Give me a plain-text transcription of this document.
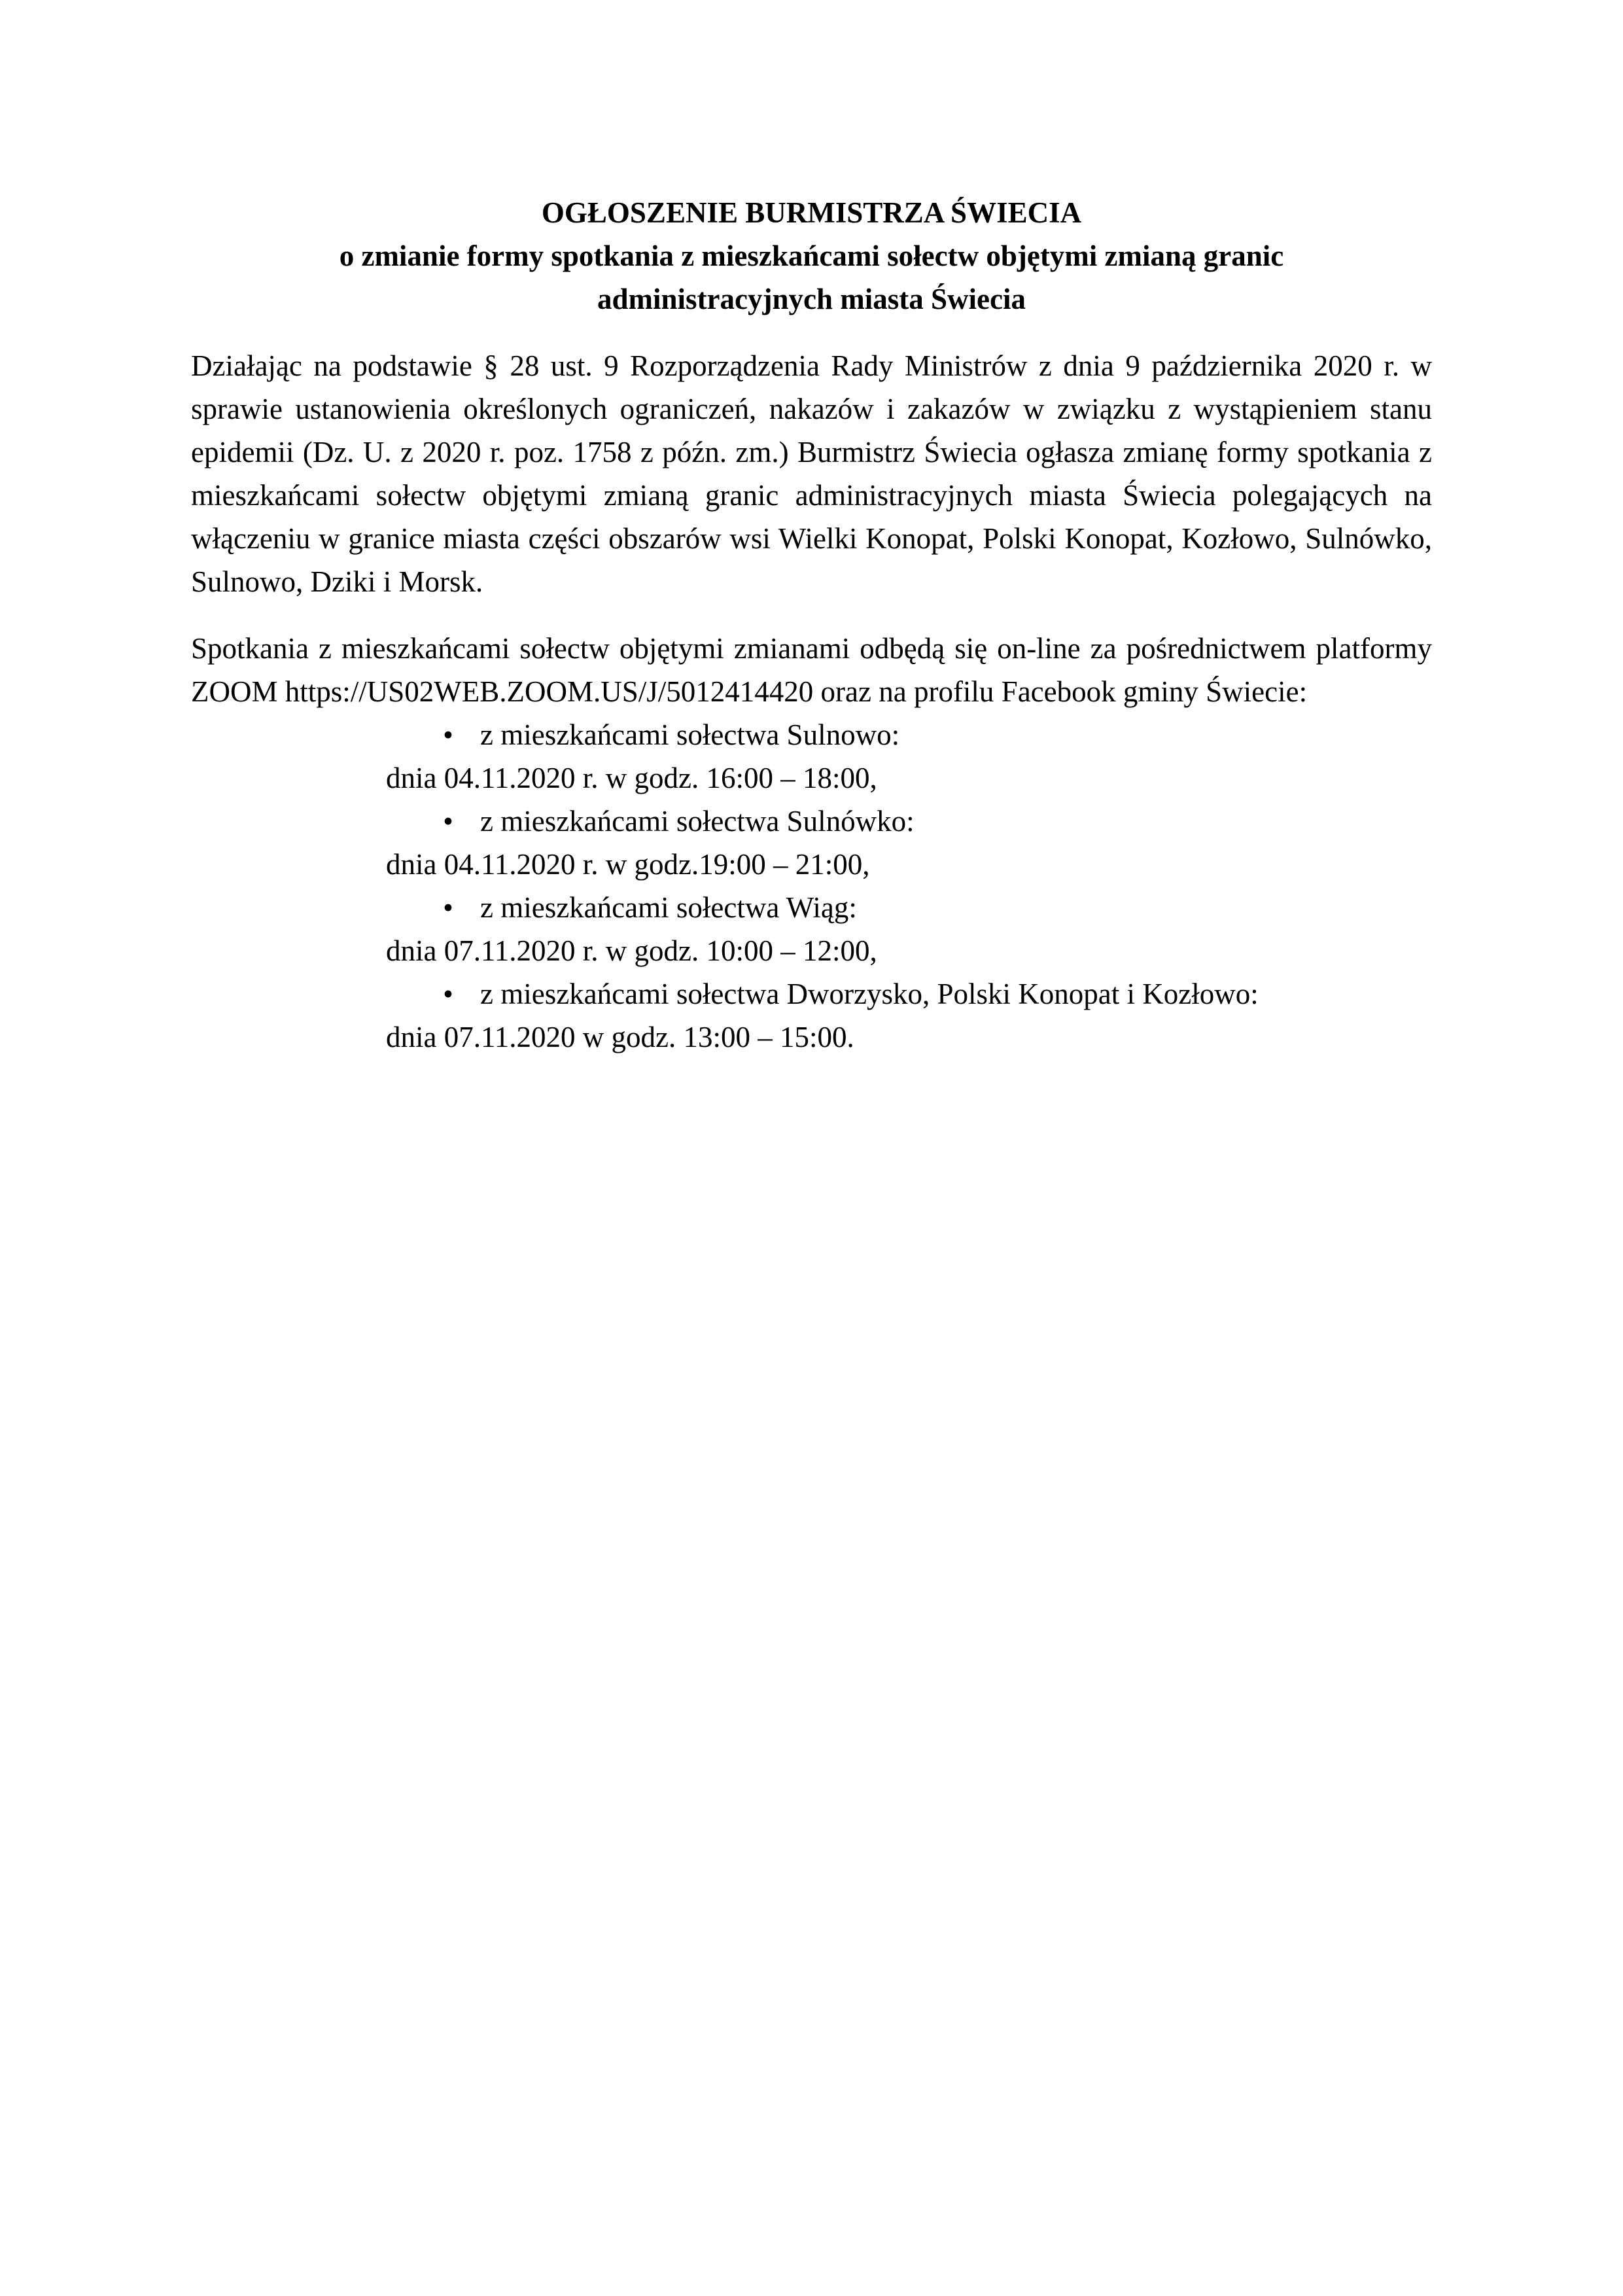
OGŁOSZENIE BURMISTRZA ŚWIECIA
o zmianie formy spotkania z mieszkańcami sołectw objętymi zmianą granic
administracyjnych miasta Świecia

Działając na podstawie § 28 ust. 9 Rozporządzenia Rady Ministrów z dnia 9 października 2020 r. w sprawie ustanowienia określonych ograniczeń, nakazów i zakazów w związku z wystąpieniem stanu epidemii (Dz. U. z 2020 r. poz. 1758 z późn. zm.) Burmistrz Świecia ogłasza zmianę formy spotkania z mieszkańcami sołectw objętymi zmianą granic administracyjnych miasta Świecia polegających na włączeniu w granice miasta części obszarów wsi Wielki Konopat, Polski Konopat, Kozłowo, Sulnówko, Sulnowo, Dziki i Morsk.

Spotkania z mieszkańcami sołectw objętymi zmianami odbędą się on-line za pośrednictwem platformy ZOOM https://US02WEB.ZOOM.US/J/5012414420 oraz na profilu Facebook gminy Świecie:

• z mieszkańcami sołectwa Sulnowo:
dnia 04.11.2020 r. w godz. 16:00 – 18:00,
• z mieszkańcami sołectwa Sulnówko:
dnia 04.11.2020 r. w godz.19:00 – 21:00,
• z mieszkańcami sołectwa Wiąg:
dnia 07.11.2020 r. w godz. 10:00 – 12:00,
• z mieszkańcami sołectwa Dworzysko, Polski Konopat i Kozłowo:
dnia 07.11.2020 w godz. 13:00 – 15:00.
